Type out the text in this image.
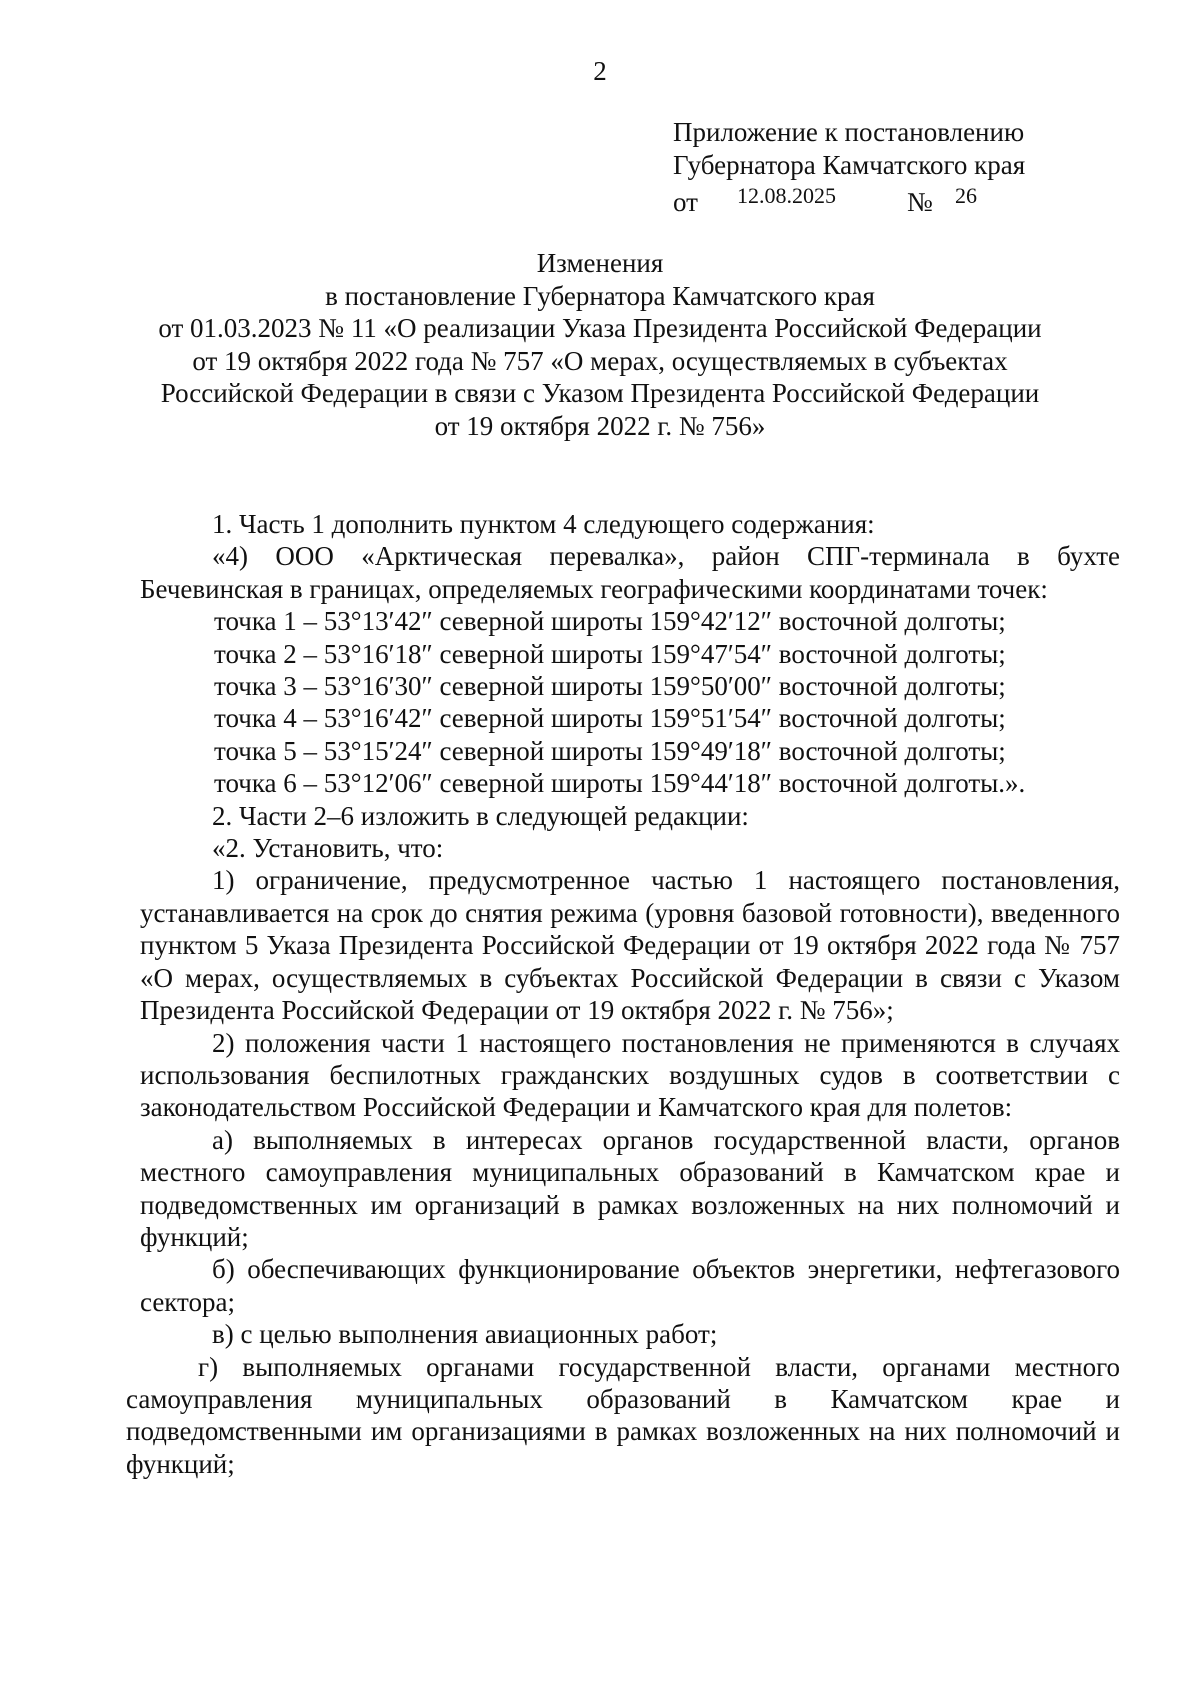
2
Приложение к постановлению
Губернатора Камчатского края
от 12.08.2025	№ 26
Изменения
в постановление Губернатора Камчатского края
от 01.03.2023 № 11 «О реализации Указа Президента Российской Федерации
от 19 октября 2022 года № 757 «О мерах, осуществляемых в субъектах
Российской Федерации в связи с Указом Президента Российской Федерации
от 19 октября 2022 г. № 756»

1. Часть 1 дополнить пунктом 4 следующего содержания:

«4) ООО «Арктическая перевалка», район СПГ-терминала в бухте Бечевинская в границах, определяемых географическими координатами точек:

точка 1 – 53°13′42″ северной широты 159°42′12″ восточной долготы;

точка 2 – 53°16′18″ северной широты 159°47′54″ восточной долготы;

точка 3 – 53°16′30″ северной широты 159°50′00″ восточной долготы;

точка 4 – 53°16′42″ северной широты 159°51′54″ восточной долготы;

точка 5 – 53°15′24″ северной широты 159°49′18″ восточной долготы;

точка 6 – 53°12′06″ северной широты 159°44′18″ восточной долготы.».

2. Части 2–6 изложить в следующей редакции:

«2. Установить, что:

1) ограничение, предусмотренное частью 1 настоящего постановления, устанавливается на срок до снятия режима (уровня базовой готовности), введенного пунктом 5 Указа Президента Российской Федерации от 19 октября 2022 года № 757 «О мерах, осуществляемых в субъектах Российской Федерации в связи с Указом Президента Российской Федерации от 19 октября 2022 г. № 756»;

2) положения части 1 настоящего постановления не применяются в случаях использования беспилотных гражданских воздушных судов в соответствии с законодательством Российской Федерации и Камчатского края для полетов:

а) выполняемых в интересах органов государственной власти, органов местного самоуправления муниципальных образований в Камчатском крае и подведомственных им организаций в рамках возложенных на них полномочий и функций;

б) обеспечивающих функционирование объектов энергетики, нефтегазового сектора;

в) с целью выполнения авиационных работ;

г) выполняемых органами государственной власти, органами местного самоуправления муниципальных образований в Камчатском крае и подведомственными им организациями в рамках возложенных на них полномочий и функций;
